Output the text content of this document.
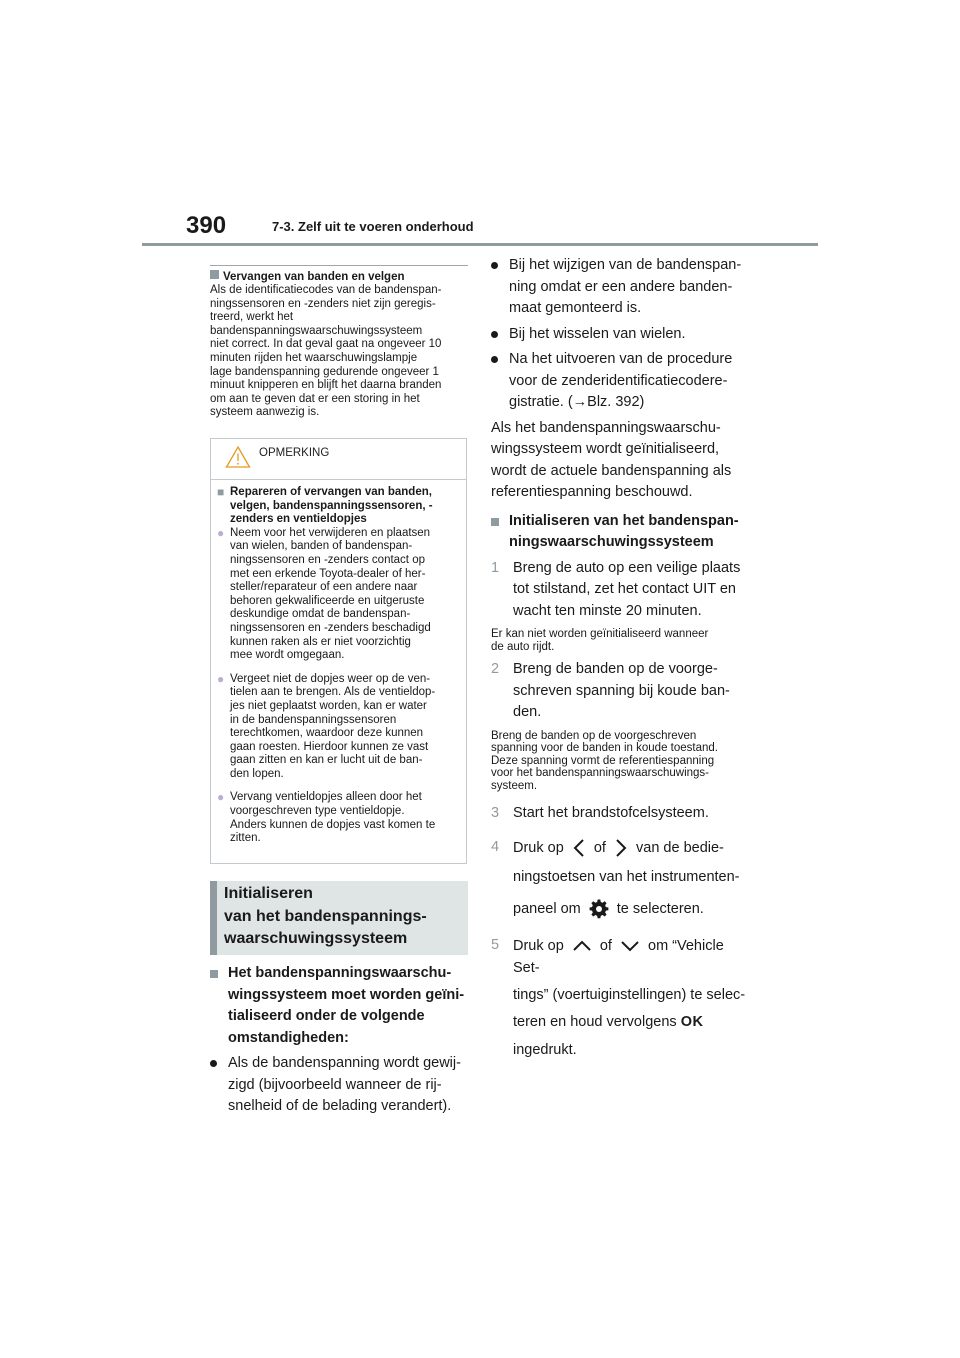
390	7-3. Zelf uit te voeren onderhoud
Vervangen van banden en velgen
Als de identificatiecodes van de bandenspan-
ningssensoren en -zenders niet zijn geregis-
treerd, werkt het
bandenspanningswaarschuwingssysteem
niet correct. In dat geval gaat na ongeveer 10
minuten rijden het waarschuwingslampje
lage bandenspanning gedurende ongeveer 1
minuut knipperen en blijft het daarna branden
om aan te geven dat er een storing in het
systeem aanwezig is.
OPMERKING
■ Repareren of vervangen van banden,
velgen, bandenspanningssensoren, -
zenders en ventieldopjes
● Neem voor het verwijderen en plaatsen
van wielen, banden of bandenspan-
ningssensoren en -zenders contact op
met een erkende Toyota-dealer of her-
steller/reparateur of een andere naar
behoren gekwalificeerde en uitgeruste
deskundige omdat de bandenspan-
ningssensoren en -zenders beschadigd
kunnen raken als er niet voorzichtig
mee wordt omgegaan.
● Vergeet niet de dopjes weer op de ven-
tielen aan te brengen. Als de ventieldop-
jes niet geplaatst worden, kan er water
in de bandenspanningssensoren
terechtkomen, waardoor deze kunnen
gaan roesten. Hierdoor kunnen ze vast
gaan zitten en kan er lucht uit de ban-
den lopen.
● Vervang ventieldopjes alleen door het
voorgeschreven type ventieldopje.
Anders kunnen de dopjes vast komen te
zitten.
Initialiseren
van het bandenspannings-
waarschuwingssysteem
Het bandenspanningswaarschu-
wingssysteem moet worden geïni-
tialiseerd onder de volgende
omstandigheden:
Als de bandenspanning wordt gewij-
zigd (bijvoorbeeld wanneer de rij-
snelheid of de belading verandert).
Bij het wijzigen van de bandenspan-
ning omdat er een andere banden-
maat gemonteerd is.
Bij het wisselen van wielen.
Na het uitvoeren van de procedure
voor de zenderidentificatiecodere-
gistratie. (→Blz. 392)
Als het bandenspanningswaarschu-
wingssysteem wordt geïnitialiseerd,
wordt de actuele bandenspanning als
referentiespanning beschouwd.
Initialiseren van het bandenspan-
ningswaarschuwingssysteem
1 Breng de auto op een veilige plaats
tot stilstand, zet het contact UIT en
wacht ten minste 20 minuten.
Er kan niet worden geïnitialiseerd wanneer
de auto rijdt.
2 Breng de banden op de voorge-
schreven spanning bij koude ban-
den.
Breng de banden op de voorgeschreven
spanning voor de banden in koude toestand.
Deze spanning vormt de referentiespanning
voor het bandenspanningswaarschuwings-
systeem.
3 Start het brandstofcelsysteem.
4 Druk op of van de bedie-
ningstoetsen van het instrumenten-
paneel om te selecteren.
5 Druk op of om “Vehicle Set-
tings” (voertuiginstellingen) te selec-
teren en houd vervolgens OK
ingedrukt.
